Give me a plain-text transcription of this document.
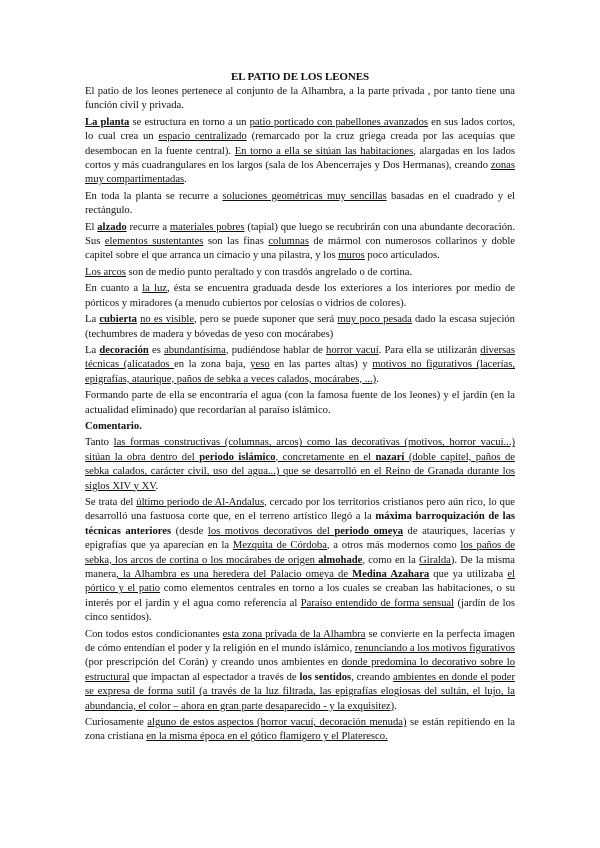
EL PATIO DE LOS LEONES

El patio de los leones pertenece al conjunto de la Alhambra, a la parte privada , por tanto tiene una función civil y privada.

La planta se estructura en torno a un patio porticado con pabellones avanzados en sus lados cortos, lo cual crea un espacio centralizado (remarcado por la cruz griega creada por las acequias que desembocan en la fuente central). En torno a ella se sitúan las habitaciones, alargadas en los lados cortos y más cuadrangulares en los largos (sala de los Abencerrajes y Dos Hermanas), creando zonas muy compartimentadas.

En toda la planta se recurre a soluciones geométricas muy sencillas basadas en el cuadrado y el rectángulo.

El alzado recurre a materiales pobres (tapial) que luego se recubrirán con una abundante decoración. Sus elementos sustentantes son las finas columnas de mármol con numerosos collarinos y doble capitel sobre el que arranca un cimacio y una pilastra, y los muros poco articulados.

Los arcos son de medio punto peraltado y con trasdós angrelado o de cortina.

En cuanto a la luz, ésta se encuentra graduada desde los exteriores a los interiores por medio de pórticos y miradores (a menudo cubiertos por celosías o vidrios de colores).

La cubierta no es visible, pero se puede suponer que será muy poco pesada dado la escasa sujeción (techumbres de madera y bóvedas de yeso con mocárabes)

La decoración es abundantísima, pudiéndose hablar de horror vacuí. Para ella se utilizarán diversas técnicas (alicatados en la zona baja, yeso en las partes altas) y motivos no figurativos (lacerías, epigrafías, ataurique, paños de sebka a veces calados, mocárabes, ...).

Formando parte de ella se encontraría el agua (con la famosa fuente de los leones) y el jardín (en la actualidad eliminado) que recordarían al paraíso islámico.

Comentario.

Tanto las formas constructivas (columnas, arcos) como las decorativas (motivos, horror vacuí...) sitúan la obra dentro del periodo islámico, concretamente en el nazarí (doble capitel, paños de sebka calados, carácter civil, uso del agua...) que se desarrolló en el Reino de Granada durante los siglos XIV y XV.

Se trata del último periodo de Al-Andalus, cercado por los territorios cristianos pero aún rico, lo que desarrolló una fastuosa corte que, en el terreno artístico llegó a la máxima barroquización de las técnicas anteriores (desde los motivos decorativos del periodo omeya de atauriques, lacerías y epigrafías que ya aparecían en la Mezquita de Córdoba, a otros más modernos como los paños de sebka, los arcos de cortina o los mocárabes de origen almohade, como en la Giralda). De la misma manera, la Alhambra es una heredera del Palacio omeya de Medina Azahara que ya utilizaba el pórtico y el patio como elementos centrales en torno a los cuales se creaban las habitaciones, o su interés por el jardín y el agua como referencia al Paraíso entendido de forma sensual (jardín de los cinco sentidos).

Con todos estos condicionantes esta zona privada de la Alhambra se convierte en la perfecta imagen de cómo entendían el poder y la religión en el mundo islámico, renunciando a los motivos figurativos (por prescripción del Corán) y creando unos ambientes en donde predomina lo decorativo sobre lo estructural que impactan al espectador a través de los sentidos, creando ambientes en donde el poder se expresa de forma sutil (a través de la luz filtrada, las epigrafías elogiosas del sultán, el lujo, la abundancia, el color – ahora en gran parte desaparecido - y la exquisitez).

Curiosamente alguno de estos aspectos (horror vacuí, decoración menuda) se están repitiendo en la zona cristiana en la misma época en el gótico flamígero y el Plateresco.
